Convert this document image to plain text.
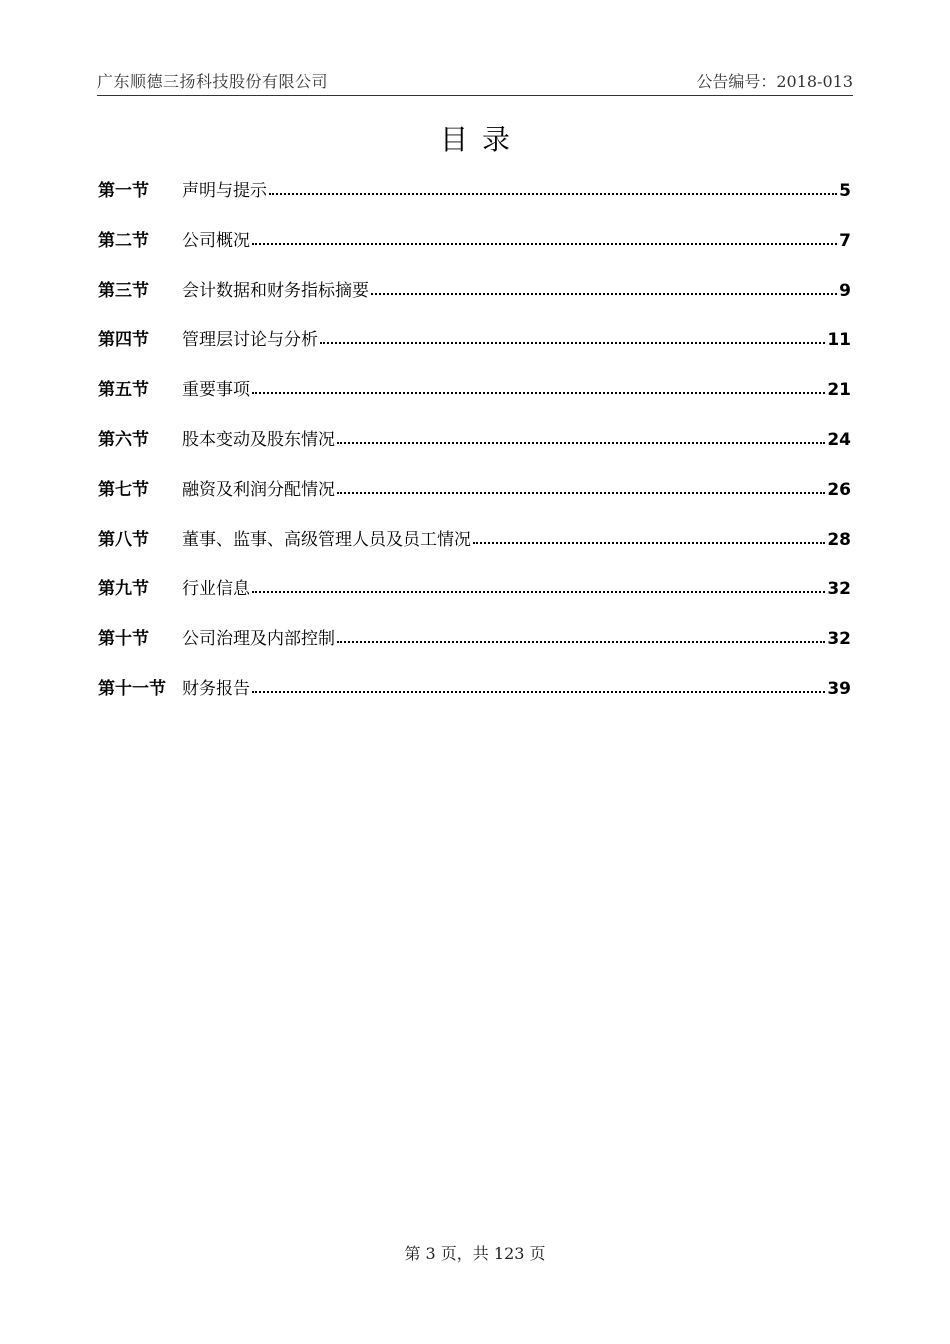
广东顺德三扬科技股份有限公司	公告编号：2018-013
目录
第一节	声明与提示	5
第二节	公司概况	7
第三节	会计数据和财务指标摘要	9
第四节	管理层讨论与分析	11
第五节	重要事项	21
第六节	股本变动及股东情况	24
第七节	融资及利润分配情况	26
第八节	董事、监事、高级管理人员及员工情况	28
第九节	行业信息	32
第十节	公司治理及内部控制	32
第十一节 财务报告	39
第 3 页，共 123 页
